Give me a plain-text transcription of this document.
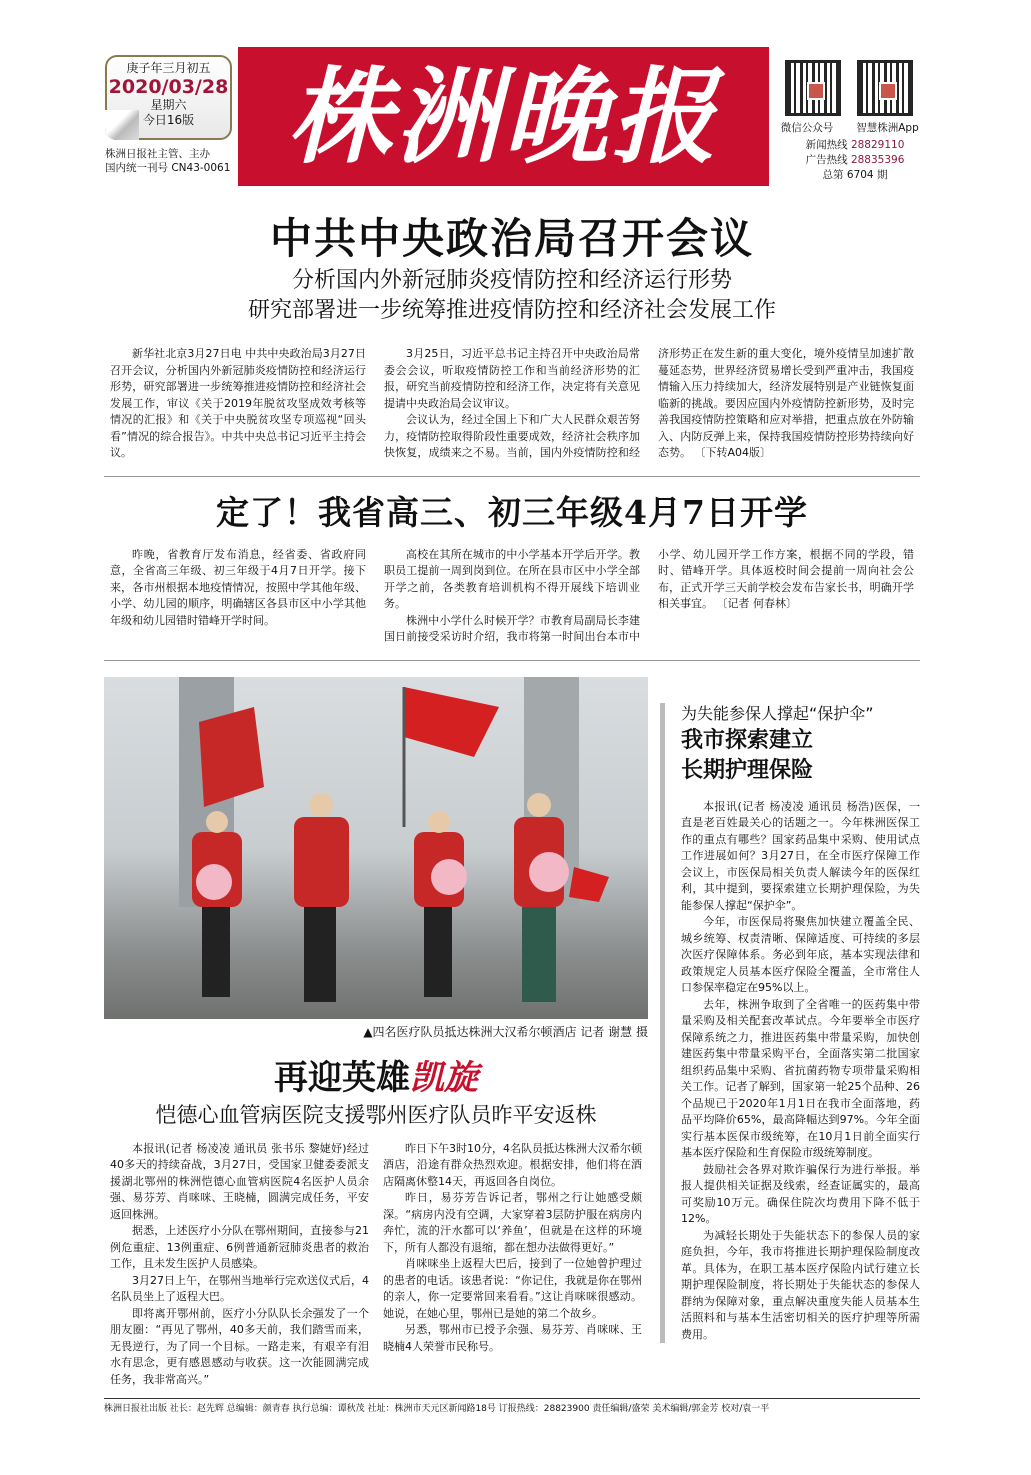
庚子年三月初五
2020/03/28
星期六
今日16版
株洲日报社主管、主办
国内统一刊号 CN43-0061 株洲晚报	微信公众号	智慧株洲App
新闻热线 28829110
广告热线 28835396
总第 6704 期
中共中央政治局召开会议
分析国内外新冠肺炎疫情防控和经济运行形势
研究部署进一步统筹推进疫情防控和经济社会发展工作

新华社北京3月27日电 中共中央政治局3月27日召开会议，分析国内外新冠肺炎疫情防控和经济运行形势，研究部署进一步统筹推进疫情防控和经济社会发展工作，审议《关于2019年脱贫攻坚成效考核等情况的汇报》和《关于中央脱贫攻坚专项巡视“回头看”情况的综合报告》。中共中央总书记习近平主持会议。

3月25日，习近平总书记主持召开中央政治局常委会会议，听取疫情防控工作和当前经济形势的汇报，研究当前疫情防控和经济工作，决定将有关意见提请中央政治局会议审议。

会议认为，经过全国上下和广大人民群众艰苦努力，疫情防控取得阶段性重要成效，经济社会秩序加快恢复，成绩来之不易。当前，国内外疫情防控和经济形势正在发生新的重大变化，境外疫情呈加速扩散蔓延态势，世界经济贸易增长受到严重冲击，我国疫情输入压力持续加大，经济发展特别是产业链恢复面临新的挑战。要因应国内外疫情防控新形势，及时完善我国疫情防控策略和应对举措，把重点放在外防输入、内防反弹上来，保持我国疫情防控形势持续向好态势。 〔下转A04版〕

定了！我省高三、初三年级4月7日开学

昨晚，省教育厅发布消息，经省委、省政府同意，全省高三年级、初三年级于4月7日开学。接下来，各市州根据本地疫情情况，按照中学其他年级、小学、幼儿园的顺序，明确辖区各县市区中小学其他年级和幼儿园错时错峰开学时间。

高校在其所在城市的中小学基本开学后开学。教职员工提前一周到岗到位。在所在县市区中小学全部开学之前，各类教育培训机构不得开展线下培训业务。

株洲中小学什么时候开学？市教育局副局长李建国日前接受采访时介绍，我市将第一时间出台本市中小学、幼儿园开学工作方案，根据不同的学段，错时、错峰开学。具体返校时间会提前一周向社会公布，正式开学三天前学校会发布告家长书，明确开学相关事宜。 〔记者 何春林〕

▲四名医疗队员抵达株洲大汉希尔顿酒店 记者 谢慧 摄
再迎英雄凯旋
恺德心血管病医院支援鄂州医疗队员昨平安返株

本报讯(记者 杨凌凌 通讯员 张书乐 黎婕妤)经过40多天的持续奋战，3月27日，受国家卫健委委派支援湖北鄂州的株洲恺德心血管病医院4名医护人员余强、易芬芳、肖咪咪、王晓楠，圆满完成任务，平安返回株洲。

据悉，上述医疗小分队在鄂州期间，直接参与21例危重症、13例重症、6例普通新冠肺炎患者的救治工作，且未发生医护人员感染。

3月27日上午，在鄂州当地举行完欢送仪式后，4名队员坐上了返程大巴。

即将离开鄂州前，医疗小分队队长余强发了一个朋友圈：“再见了鄂州，40多天前，我们踏雪而来，无畏逆行，为了同一个目标。一路走来，有艰辛有泪水有思念，更有感恩感动与收获。这一次能圆满完成任务，我非常高兴。”

昨日下午3时10分，4名队员抵达株洲大汉希尔顿酒店，沿途有群众热烈欢迎。根据安排，他们将在酒店隔离休整14天，再返回各自岗位。

昨日，易芬芳告诉记者，鄂州之行让她感受颇深。“病房内没有空调，大家穿着3层防护服在病房内奔忙，流的汗水都可以‘养鱼’，但就是在这样的环境下，所有人都没有退缩，都在想办法做得更好。”

肖咪咪坐上返程大巴后，接到了一位她曾护理过的患者的电话。该患者说：“你记住，我就是你在鄂州的亲人，你一定要常回来看看。”这让肖咪咪很感动。她说，在她心里，鄂州已是她的第二个故乡。

另悉，鄂州市已授予余强、易芬芳、肖咪咪、王晓楠4人荣誉市民称号。

为失能参保人撑起“保护伞”
我市探索建立
长期护理保险

本报讯(记者 杨凌凌 通讯员 杨浩)医保，一直是老百姓最关心的话题之一。今年株洲医保工作的重点有哪些？国家药品集中采购、使用试点工作进展如何？3月27日，在全市医疗保障工作会议上，市医保局相关负责人解读今年的医保红利，其中提到，要探索建立长期护理保险，为失能参保人撑起“保护伞”。

今年，市医保局将聚焦加快建立覆盖全民、城乡统筹、权责清晰、保障适度、可持续的多层次医疗保障体系。务必到年底，基本实现法律和政策规定人员基本医疗保险全覆盖，全市常住人口参保率稳定在95%以上。

去年，株洲争取到了全省唯一的医药集中带量采购及相关配套改革试点。今年要举全市医疗保障系统之力，推进医药集中带量采购，加快创建医药集中带量采购平台，全面落实第二批国家组织药品集中采购、省抗菌药物专项带量采购相关工作。记者了解到，国家第一轮25个品种、26个品规已于2020年1月1日在我市全面落地，药品平均降价65%，最高降幅达到97%。今年全面实行基本医保市级统筹，在10月1日前全面实行基本医疗保险和生育保险市级统筹制度。

鼓励社会各界对欺诈骗保行为进行举报。举报人提供相关证据及线索，经查证属实的，最高可奖励10万元。确保住院次均费用下降不低于12%。

为减轻长期处于失能状态下的参保人员的家庭负担，今年，我市将推进长期护理保险制度改革。具体为，在职工基本医疗保险内试行建立长期护理保险制度，将长期处于失能状态的参保人群纳为保障对象，重点解决重度失能人员基本生活照料和与基本生活密切相关的医疗护理等所需费用。

株洲日报社出版 社长：赵先辉 总编辑：颜青春 执行总编：谭秋茂 社址：株洲市天元区新闻路18号 订报热线：28823900 责任编辑/盛荣 美术编辑/郭金芳 校对/袁一平
